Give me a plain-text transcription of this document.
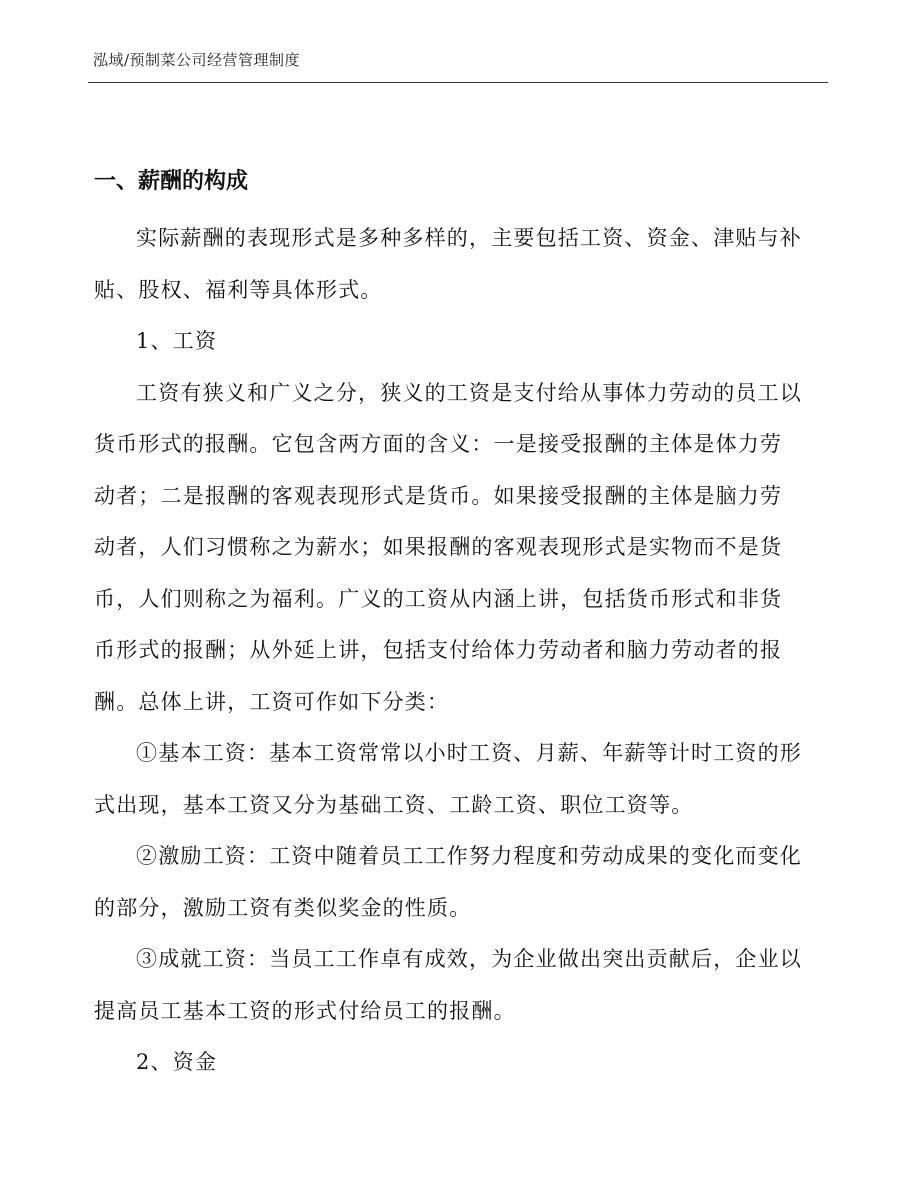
泓域/预制菜公司经营管理制度
一、薪酬的构成

实际薪酬的表现形式是多种多样的，主要包括工资、资金、津贴与补贴、股权、福利等具体形式。

1、工资

工资有狭义和广义之分，狭义的工资是支付给从事体力劳动的员工以货币形式的报酬。它包含两方面的含义：一是接受报酬的主体是体力劳动者；二是报酬的客观表现形式是货币。如果接受报酬的主体是脑力劳动者，人们习惯称之为薪水；如果报酬的客观表现形式是实物而不是货币，人们则称之为福利。广义的工资从内涵上讲，包括货币形式和非货币形式的报酬；从外延上讲，包括支付给体力劳动者和脑力劳动者的报酬。总体上讲，工资可作如下分类：

①基本工资：基本工资常常以小时工资、月薪、年薪等计时工资的形式出现，基本工资又分为基础工资、工龄工资、职位工资等。

②激励工资：工资中随着员工工作努力程度和劳动成果的变化而变化的部分，激励工资有类似奖金的性质。

③成就工资：当员工工作卓有成效，为企业做出突出贡献后，企业以提高员工基本工资的形式付给员工的报酬。

2、资金
